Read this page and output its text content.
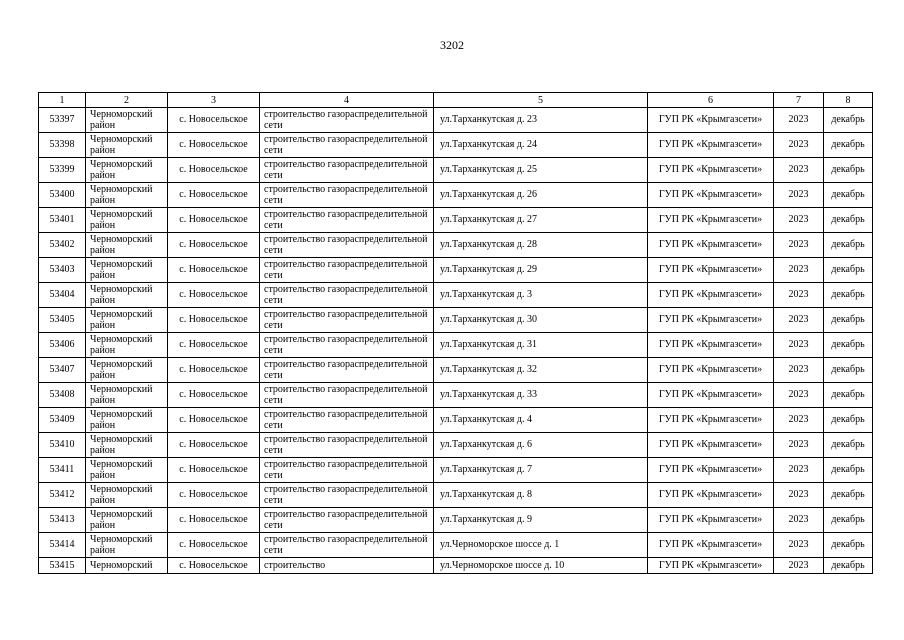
3202
1	2	3	4	5	6	7	8
53397	Черноморский район	с. Новосельское	строительство газораспределительной сети	ул.Тарханкутская д. 23	ГУП РК «Крымгазсети»	2023	декабрь
53398	Черноморский район	с. Новосельское	строительство газораспределительной сети	ул.Тарханкутская д. 24	ГУП РК «Крымгазсети»	2023	декабрь
53399	Черноморский район	с. Новосельское	строительство газораспределительной сети	ул.Тарханкутская д. 25	ГУП РК «Крымгазсети»	2023	декабрь
53400	Черноморский район	с. Новосельское	строительство газораспределительной сети	ул.Тарханкутская д. 26	ГУП РК «Крымгазсети»	2023	декабрь
53401	Черноморский район	с. Новосельское	строительство газораспределительной сети	ул.Тарханкутская д. 27	ГУП РК «Крымгазсети»	2023	декабрь
53402	Черноморский район	с. Новосельское	строительство газораспределительной сети	ул.Тарханкутская д. 28	ГУП РК «Крымгазсети»	2023	декабрь
53403	Черноморский район	с. Новосельское	строительство газораспределительной сети	ул.Тарханкутская д. 29	ГУП РК «Крымгазсети»	2023	декабрь
53404	Черноморский район	с. Новосельское	строительство газораспределительной сети	ул.Тарханкутская д. 3	ГУП РК «Крымгазсети»	2023	декабрь
53405	Черноморский район	с. Новосельское	строительство газораспределительной сети	ул.Тарханкутская д. 30	ГУП РК «Крымгазсети»	2023	декабрь
53406	Черноморский район	с. Новосельское	строительство газораспределительной сети	ул.Тарханкутская д. 31	ГУП РК «Крымгазсети»	2023	декабрь
53407	Черноморский район	с. Новосельское	строительство газораспределительной сети	ул.Тарханкутская д. 32	ГУП РК «Крымгазсети»	2023	декабрь
53408	Черноморский район	с. Новосельское	строительство газораспределительной сети	ул.Тарханкутская д. 33	ГУП РК «Крымгазсети»	2023	декабрь
53409	Черноморский район	с. Новосельское	строительство газораспределительной сети	ул.Тарханкутская д. 4	ГУП РК «Крымгазсети»	2023	декабрь
53410	Черноморский район	с. Новосельское	строительство газораспределительной сети	ул.Тарханкутская д. 6	ГУП РК «Крымгазсети»	2023	декабрь
53411	Черноморский район	с. Новосельское	строительство газораспределительной сети	ул.Тарханкутская д. 7	ГУП РК «Крымгазсети»	2023	декабрь
53412	Черноморский район	с. Новосельское	строительство газораспределительной сети	ул.Тарханкутская д. 8	ГУП РК «Крымгазсети»	2023	декабрь
53413	Черноморский район	с. Новосельское	строительство газораспределительной сети	ул.Тарханкутская д. 9	ГУП РК «Крымгазсети»	2023	декабрь
53414	Черноморский район	с. Новосельское	строительство газораспределительной сети	ул.Черноморское шоссе д. 1	ГУП РК «Крымгазсети»	2023	декабрь
53415	Черноморский	с. Новосельское	строительство	ул.Черноморское шоссе д. 10	ГУП РК «Крымгазсети»	2023	декабрь
